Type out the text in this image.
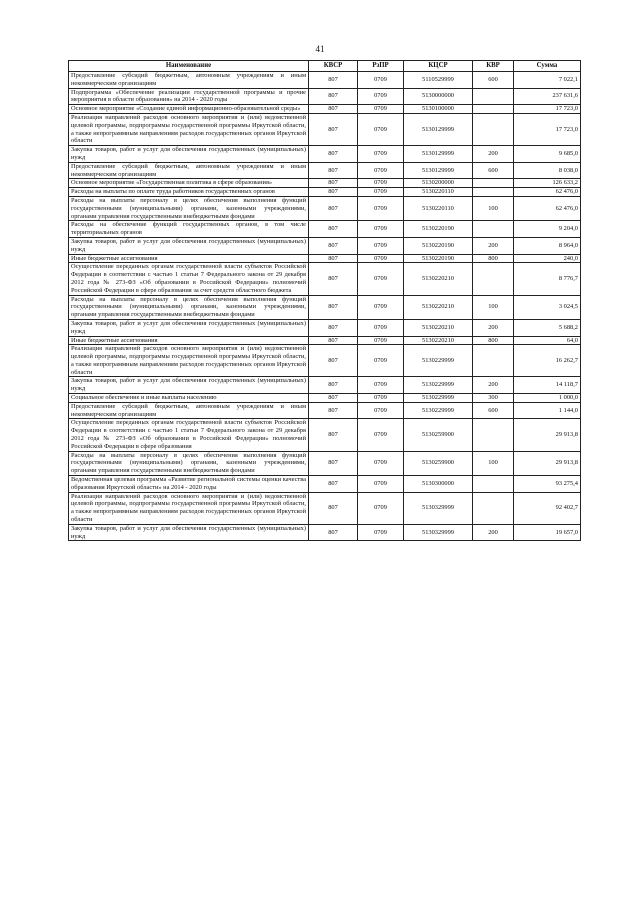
41
Наименование	КВСР	РзПР	КЦСР	КВР	Сумма
Предоставление субсидий бюджетным, автономным учреждениям и иным некоммерческим организациям	807	0709	5110529999	600	7 022,1
Подпрограмма «Обеспечение реализации государственной программы и прочие мероприятия в области образования» на 2014 - 2020 годы	807	0709	5130000000		237 631,6
Основное мероприятие «Создание единой информационно-образовательной среды»	807	0709	5130100000		17 723,0
Реализация направлений расходов основного мероприятия и (или) ведомственной целевой программы, подпрограммы государственной программы Иркутской области, а также непрограммным направлениям расходов государственных органов Иркутской области	807	0709	5130129999		17 723,0
Закупка товаров, работ и услуг для обеспечения государственных (муниципальных) нужд	807	0709	5130129999	200	9 685,0
Предоставление субсидий бюджетным, автономным учреждениям и иным некоммерческим организациям	807	0709	5130129999	600	8 038,0
Основное мероприятие «Государственная политика в сфере образования»	807	0709	5130200000		126 633,2
Расходы на выплаты по оплате труда работников государственных органов	807	0709	5130220110		62 476,0
Расходы на выплаты персоналу в целях обеспечения выполнения функций государственными (муниципальными) органами, казенными учреждениями, органами управления государственными внебюджетными фондами	807	0709	5130220110	100	62 476,0
Расходы на обеспечение функций государственных органов, в том числе территориальных органов	807	0709	5130220190		9 204,0
Закупка товаров, работ и услуг для обеспечения государственных (муниципальных) нужд	807	0709	5130220190	200	8 964,0
Иные бюджетные ассигнования	807	0709	5130220190	800	240,0
Осуществление переданных органам государственной власти субъектов Российской Федерации в соответствии с частью 1 статьи 7 Федерального закона от 29 декабря 2012 года № 273-ФЗ «Об образовании в Российской Федерации» полномочий Российской Федерации в сфере образования за счет средств областного бюджета	807	0709	5130220210		8 776,7
Расходы на выплаты персоналу в целях обеспечения выполнения функций государственными (муниципальными) органами, казенными учреждениями, органами управления государственными внебюджетными фондами	807	0709	5130220210	100	3 024,5
Закупка товаров, работ и услуг для обеспечения государственных (муниципальных) нужд	807	0709	5130220210	200	5 688,2
Иные бюджетные ассигнования	807	0709	5130220210	800	64,0
Реализация направлений расходов основного мероприятия и (или) ведомственной целевой программы, подпрограммы государственной программы Иркутской области, а также непрограммным направлениям расходов государственных органов Иркутской области	807	0709	5130229999		16 262,7
Закупка товаров, работ и услуг для обеспечения государственных (муниципальных) нужд	807	0709	5130229999	200	14 118,7
Социальное обеспечение и иные выплаты населению	807	0709	5130229999	300	1 000,0
Предоставление субсидий бюджетным, автономным учреждениям и иным некоммерческим организациям	807	0709	5130229999	600	1 144,0
Осуществление переданных органам государственной власти субъектов Российской Федерации в соответствии с частью 1 статьи 7 Федерального закона от 29 декабря 2012 года № 273-ФЗ «Об образовании в Российской Федерации» полномочий Российской Федерации в сфере образования	807	0709	5130259900		29 913,8
Расходы на выплаты персоналу в целях обеспечения выполнения функций государственными (муниципальными) органами, казенными учреждениями, органами управления государственными внебюджетными фондами	807	0709	5130259900	100	29 913,8
Ведомственная целевая программа «Развитие региональной системы оценки качества образования Иркутской области» на 2014 - 2020 годы	807	0709	5130300000		93 275,4
Реализация направлений расходов основного мероприятия и (или) ведомственной целевой программы, подпрограммы государственной программы Иркутской области, а также непрограммным направлениям расходов государственных органов Иркутской области	807	0709	5130329999		92 402,7
Закупка товаров, работ и услуг для обеспечения государственных (муниципальных) нужд	807	0709	5130329999	200	19 657,0
